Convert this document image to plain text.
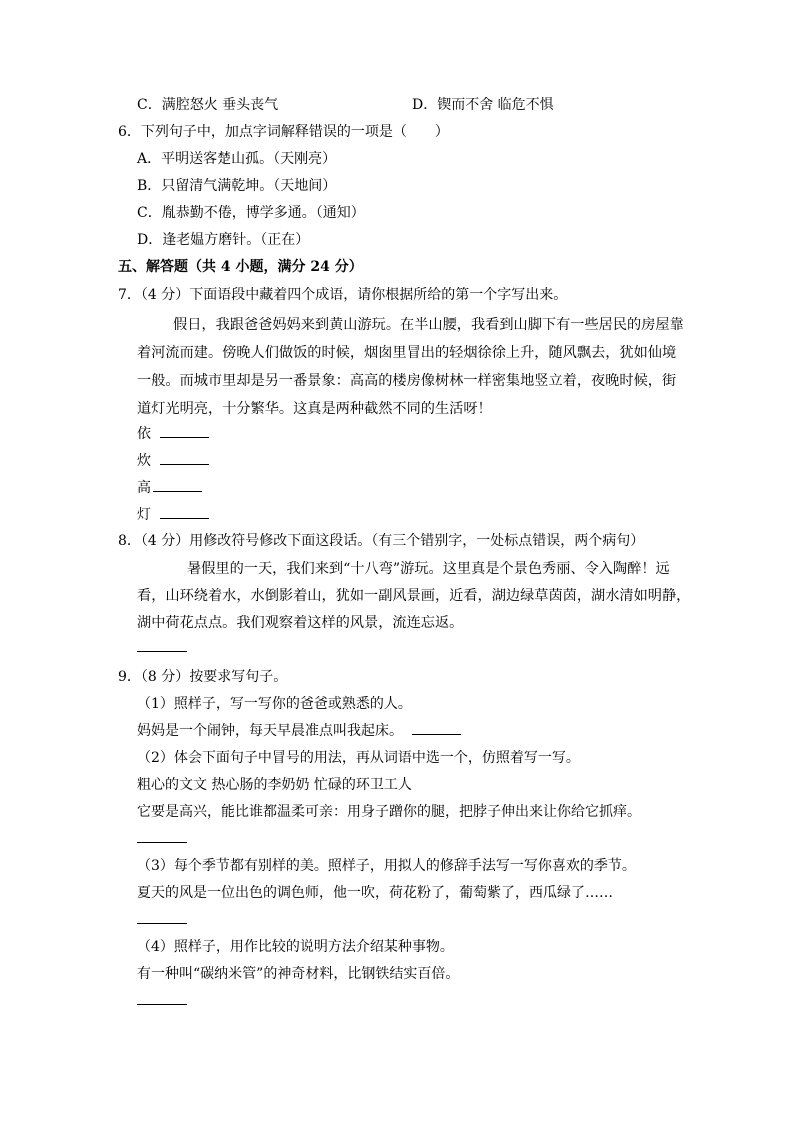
C．满腔怒火 垂头丧气	D．锲而不舍 临危不惧
6．下列句子中，加点字词解释错误的一项是（　　）
A．平明送客楚山孤。（天刚亮）
B．只留清气满乾坤。（天地间）
C．胤恭勤不倦，博学多通。（通知）
D．逢老媪方磨针。（正在）
五、解答题（共 4 小题，满分 24 分）
7．（4 分）下面语段中藏着四个成语，请你根据所给的第一个字写出来。
假日，我跟爸爸妈妈来到黄山游玩。在半山腰，我看到山脚下有一些居民的房屋靠
着河流而建。傍晚人们做饭的时候，烟囱里冒出的轻烟徐徐上升，随风飘去，犹如仙境
一般。而城市里却是另一番景象：高高的楼房像树林一样密集地竖立着，夜晚时候，街
道灯光明亮，十分繁华。这真是两种截然不同的生活呀！
依
炊
高
灯
8．（4 分）用修改符号修改下面这段话。（有三个错别字，一处标点错误，两个病句）
暑假里的一天，我们来到“十八弯”游玩。这里真是个景色秀丽、令入陶醉！远
看，山环绕着水，水倒影着山，犹如一副风景画，近看，湖边绿草茵茵，湖水清如明静，
湖中荷花点点。我们观察着这样的风景，流连忘返。
9．（8 分）按要求写句子。
（1）照样子，写一写你的爸爸或熟悉的人。
妈妈是一个闹钟，每天早晨准点叫我起床。
（2）体会下面句子中冒号的用法，再从词语中选一个，仿照着写一写。
粗心的文文 热心肠的李奶奶 忙碌的环卫工人
它要是高兴，能比谁都温柔可亲：用身子蹭你的腿，把脖子伸出来让你给它抓痒。
（3）每个季节都有别样的美。照样子，用拟人的修辞手法写一写你喜欢的季节。
夏天的风是一位出色的调色师，他一吹，荷花粉了，葡萄紫了，西瓜绿了……
（4）照样子，用作比较的说明方法介绍某种事物。
有一种叫“碳纳米管”的神奇材料，比钢铁结实百倍。
